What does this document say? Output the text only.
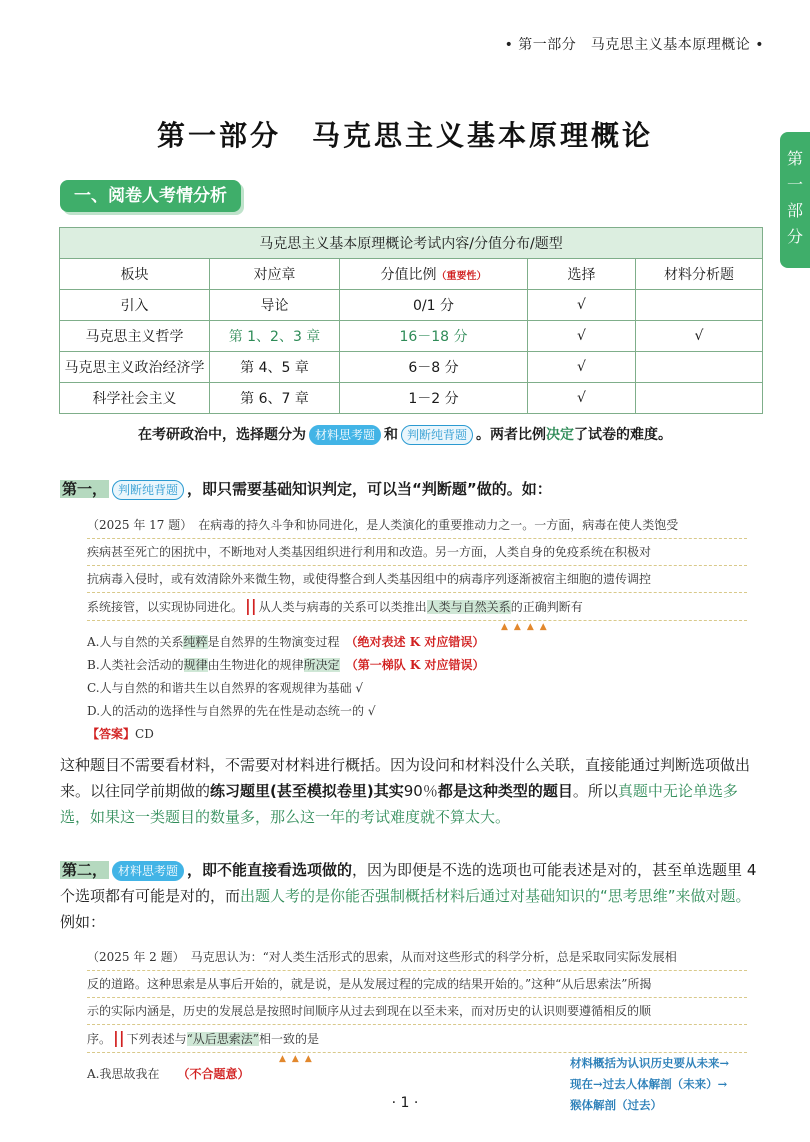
• 第一部分　马克思主义基本原理概论 •
第
一
部
分
第一部分　马克思主义基本原理概论
一、阅卷人考情分析
马克思主义基本原理概论考试内容/分值分布/题型				
板块	对应章	分值比例（重要性）	选择	材料分析题
引入	导论	0/1 分	√	
马克思主义哲学	第 1、2、3 章	16－18 分	√	√
马克思主义政治经济学	第 4、5 章	6－8 分	√	
科学社会主义	第 6、7 章	1－2 分	√	

在考研政治中，选择题分为 材料思考题 和 判断纯背题 。两者比例决定了试卷的难度。

第一， 判断纯背题 ，即只需要基础知识判定，可以当“判断题”做的。如：

（2025 年 17 题）　在病毒的持久斗争和协同进化，是人类演化的重要推动力之一。一方面，病毒在使人类饱受
疾病甚至死亡的困扰中，不断地对人类基因组织进行利用和改造。另一方面，人类自身的免疫系统在积极对
抗病毒入侵时，或有效清除外来微生物，或使得整合到人类基因组中的病毒序列逐渐被宿主细胞的遗传调控
系统接管，以实现协同进化。 || 从人类与病毒的关系可以类推出人类与自然关系的正确判断有
▲▲▲▲
A.人与自然的关系纯粹是自然界的生物演变过程　 （绝对表述 K 对应错误）
B.人类社会活动的规律由生物进化的规律所决定　 （第一梯队 K 对应错误）
C.人与自然的和谐共生以自然界的客观规律为基础 √
D.人的活动的选择性与自然界的先在性是动态统一的 √
【答案】CD

这种题目不需要看材料，不需要对材料进行概括。因为设问和材料没什么关联，直接能通过判断选项做出来。以往同学前期做的练习题里(甚至模拟卷里)其实90％都是这种类型的题目。所以真题中无论单选多选，如果这一类题目的数量多，那么这一年的考试难度就不算太大。

第二， 材料思考题 ，即不能直接看选项做的，因为即便是不选的选项也可能表述是对的，甚至单选题里 4 个选项都有可能是对的，而出题人考的是你能否强制概括材料后通过对基础知识的“思考思维”来做对题。例如：

（2025 年 2 题）　马克思认为：“对人类生活形式的思索，从而对这些形式的科学分析，总是采取同实际发展相
反的道路。这种思索是从事后开始的，就是说，是从发展过程的完成的结果开始的。”这种“从后思索法”所揭
示的实际内涵是，历史的发展总是按照时间顺序从过去到现在以至未来，而对历史的认识则要遵循相反的顺
序。 || 下列表述与“从后思索法”相一致的是
▲▲▲
A.我思故我在　　 （不合题意）
材料概括为认识历史要从未来→
现在→过去人体解剖（未来）→
猴体解剖（过去）
· 1 ·
